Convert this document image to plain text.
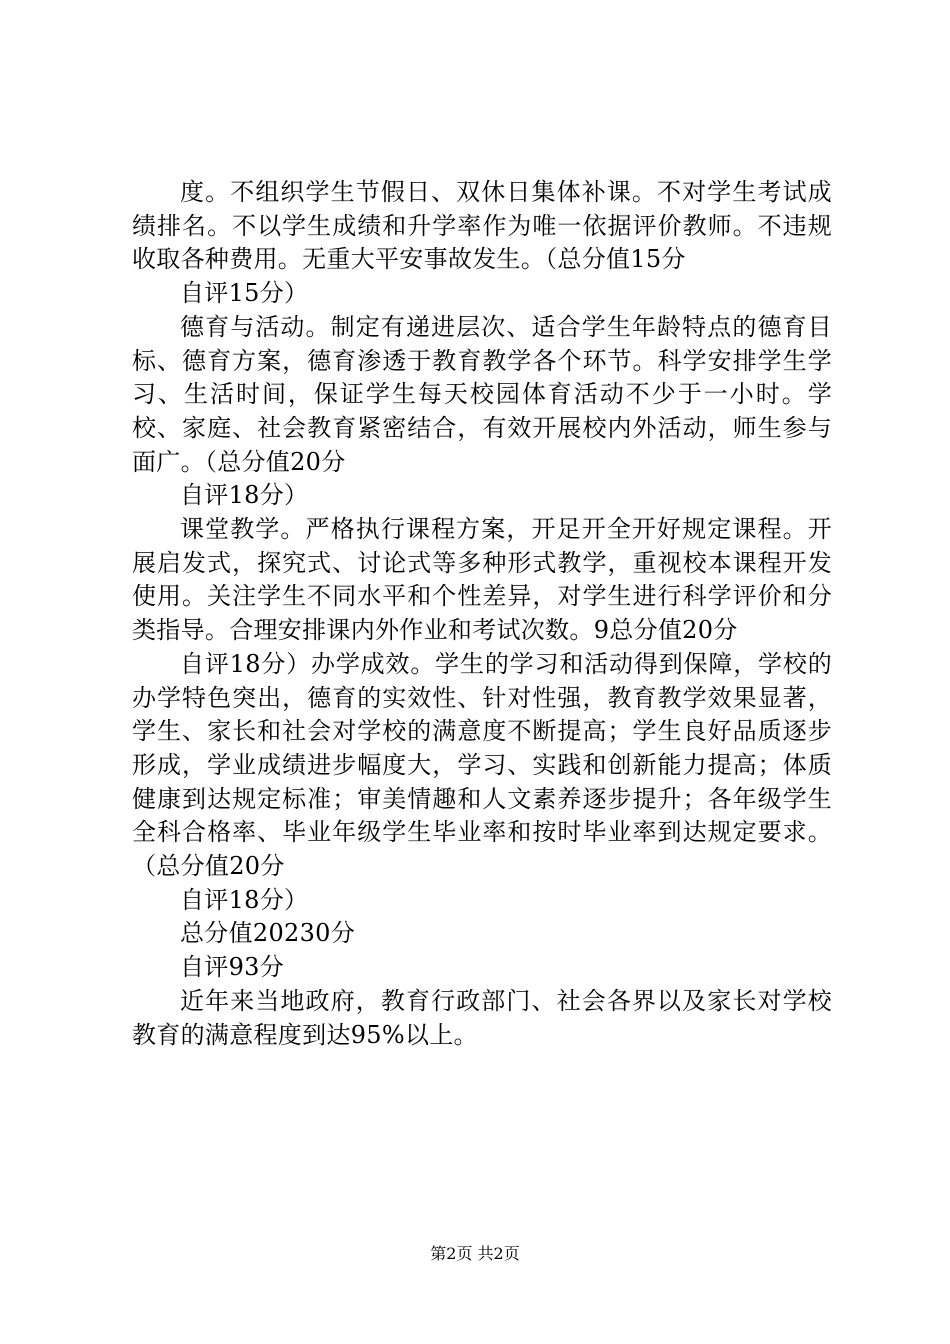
度。不组织学生节假日、双休日集体补课。不对学生考试成绩排名。不以学生成绩和升学率作为唯一依据评价教师。不违规收取各种费用。无重大平安事故发生。（总分值15分

自评15分）

德育与活动。制定有递进层次、适合学生年龄特点的德育目标、德育方案，德育渗透于教育教学各个环节。科学安排学生学习、生活时间，保证学生每天校园体育活动不少于一小时。学校、家庭、社会教育紧密结合，有效开展校内外活动，师生参与面广。（总分值20分

自评18分）

课堂教学。严格执行课程方案，开足开全开好规定课程。开展启发式，探究式、讨论式等多种形式教学，重视校本课程开发使用。关注学生不同水平和个性差异，对学生进行科学评价和分类指导。合理安排课内外作业和考试次数。9总分值20分

自评18分）办学成效。学生的学习和活动得到保障，学校的办学特色突出，德育的实效性、针对性强，教育教学效果显著，学生、家长和社会对学校的满意度不断提高；学生良好品质逐步形成，学业成绩进步幅度大，学习、实践和创新能力提高；体质健康到达规定标准；审美情趣和人文素养逐步提升；各年级学生全科合格率、毕业年级学生毕业率和按时毕业率到达规定要求。（总分值20分

自评18分）

总分值20230分

自评93分

近年来当地政府，教育行政部门、社会各界以及家长对学校教育的满意程度到达95%以上。

第2页 共2页
